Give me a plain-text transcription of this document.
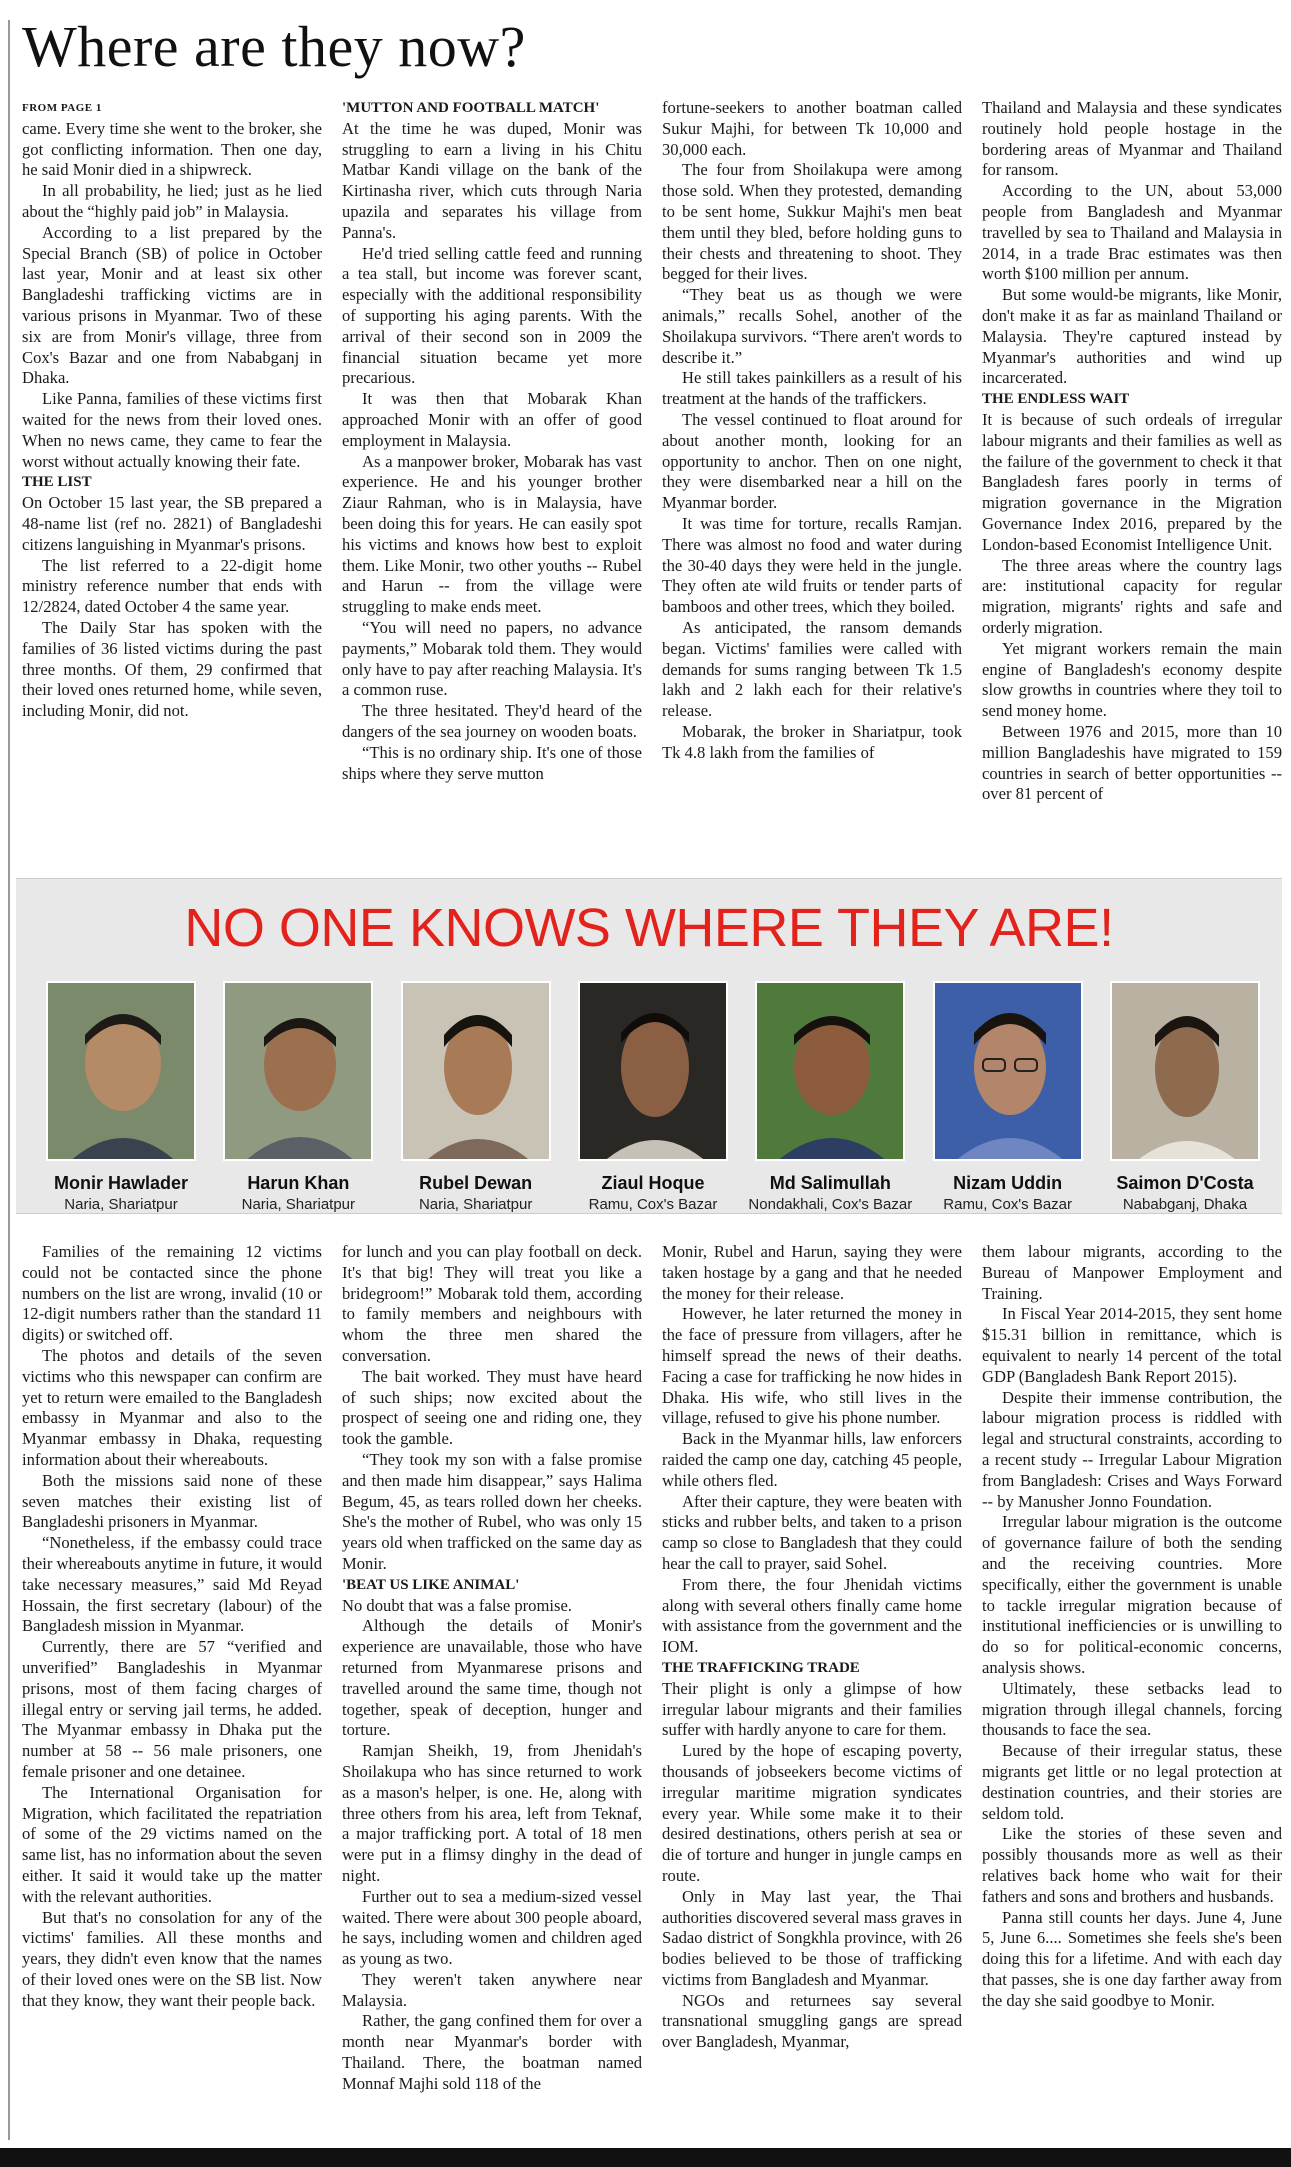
Where are they now?

FROM PAGE 1

came. Every time she went to the broker, she got conflicting information. Then one day, he said Monir died in a shipwreck.

In all probability, he lied; just as he lied about the “highly paid job” in Malaysia.

According to a list prepared by the Special Branch (SB) of police in October last year, Monir and at least six other Bangladeshi trafficking victims are in various prisons in Myanmar. Two of these six are from Monir's village, three from Cox's Bazar and one from Nababganj in Dhaka.

Like Panna, families of these victims first waited for the news from their loved ones. When no news came, they came to fear the worst without actually knowing their fate.

THE LIST

On October 15 last year, the SB prepared a 48-name list (ref no. 2821) of Bangladeshi citizens languishing in Myanmar's prisons.

The list referred to a 22-digit home ministry reference number that ends with 12/2824, dated October 4 the same year.

The Daily Star has spoken with the families of 36 listed victims during the past three months. Of them, 29 confirmed that their loved ones returned home, while seven, including Monir, did not.

'MUTTON AND FOOTBALL MATCH'

At the time he was duped, Monir was struggling to earn a living in his Chitu Matbar Kandi village on the bank of the Kirtinasha river, which cuts through Naria upazila and separates his village from Panna's.

He'd tried selling cattle feed and running a tea stall, but income was forever scant, especially with the additional responsibility of supporting his aging parents. With the arrival of their second son in 2009 the financial situation became yet more precarious.

It was then that Mobarak Khan approached Monir with an offer of good employment in Malaysia.

As a manpower broker, Mobarak has vast experience. He and his younger brother Ziaur Rahman, who is in Malaysia, have been doing this for years. He can easily spot his victims and knows how best to exploit them. Like Monir, two other youths -- Rubel and Harun -- from the village were struggling to make ends meet.

“You will need no papers, no advance payments,” Mobarak told them. They would only have to pay after reaching Malaysia. It's a common ruse.

The three hesitated. They'd heard of the dangers of the sea journey on wooden boats.

“This is no ordinary ship. It's one of those ships where they serve mutton

fortune-seekers to another boatman called Sukur Majhi, for between Tk 10,000 and 30,000 each.

The four from Shoilakupa were among those sold. When they protested, demanding to be sent home, Sukkur Majhi's men beat them until they bled, before holding guns to their chests and threatening to shoot. They begged for their lives.

“They beat us as though we were animals,” recalls Sohel, another of the Shoilakupa survivors. “There aren't words to describe it.”

He still takes painkillers as a result of his treatment at the hands of the traffickers.

The vessel continued to float around for about another month, looking for an opportunity to anchor. Then on one night, they were disembarked near a hill on the Myanmar border.

It was time for torture, recalls Ramjan. There was almost no food and water during the 30-40 days they were held in the jungle. They often ate wild fruits or tender parts of bamboos and other trees, which they boiled.

As anticipated, the ransom demands began. Victims' families were called with demands for sums ranging between Tk 1.5 lakh and 2 lakh each for their relative's release.

Mobarak, the broker in Shariatpur, took Tk 4.8 lakh from the families of

Thailand and Malaysia and these syndicates routinely hold people hostage in the bordering areas of Myanmar and Thailand for ransom.

According to the UN, about 53,000 people from Bangladesh and Myanmar travelled by sea to Thailand and Malaysia in 2014, in a trade Brac estimates was then worth $100 million per annum.

But some would-be migrants, like Monir, don't make it as far as mainland Thailand or Malaysia. They're captured instead by Myanmar's authorities and wind up incarcerated.

THE ENDLESS WAIT

It is because of such ordeals of irregular labour migrants and their families as well as the failure of the government to check it that Bangladesh fares poorly in terms of migration governance in the Migration Governance Index 2016, prepared by the London-based Economist Intelligence Unit.

The three areas where the country lags are: institutional capacity for regular migration, migrants' rights and safe and orderly migration.

Yet migrant workers remain the main engine of Bangladesh's economy despite slow growths in countries where they toil to send money home.

Between 1976 and 2015, more than 10 million Bangladeshis have migrated to 159 countries in search of better opportunities -- over 81 percent of

NO ONE KNOWS WHERE THEY ARE!
Monir Hawlader
Naria, Shariatpur
Harun Khan
Naria, Shariatpur
Rubel Dewan
Naria, Shariatpur
Ziaul Hoque
Ramu, Cox's Bazar
Md Salimullah
Nondakhali, Cox's Bazar
Nizam Uddin
Ramu, Cox's Bazar
Saimon D'Costa
Nababganj, Dhaka

Families of the remaining 12 victims could not be contacted since the phone numbers on the list are wrong, invalid (10 or 12-digit numbers rather than the standard 11 digits) or switched off.

The photos and details of the seven victims who this newspaper can confirm are yet to return were emailed to the Bangladesh embassy in Myanmar and also to the Myanmar embassy in Dhaka, requesting information about their whereabouts.

Both the missions said none of these seven matches their existing list of Bangladeshi prisoners in Myanmar.

“Nonetheless, if the embassy could trace their whereabouts anytime in future, it would take necessary measures,” said Md Reyad Hossain, the first secretary (labour) of the Bangladesh mission in Myanmar.

Currently, there are 57 “verified and unverified” Bangladeshis in Myanmar prisons, most of them facing charges of illegal entry or serving jail terms, he added. The Myanmar embassy in Dhaka put the number at 58 -- 56 male prisoners, one female prisoner and one detainee.

The International Organisation for Migration, which facilitated the repatriation of some of the 29 victims named on the same list, has no information about the seven either. It said it would take up the matter with the relevant authorities.

But that's no consolation for any of the victims' families. All these months and years, they didn't even know that the names of their loved ones were on the SB list. Now that they know, they want their people back.

for lunch and you can play football on deck. It's that big! They will treat you like a bridegroom!” Mobarak told them, according to family members and neighbours with whom the three men shared the conversation.

The bait worked. They must have heard of such ships; now excited about the prospect of seeing one and riding one, they took the gamble.

“They took my son with a false promise and then made him disappear,” says Halima Begum, 45, as tears rolled down her cheeks. She's the mother of Rubel, who was only 15 years old when trafficked on the same day as Monir.

'BEAT US LIKE ANIMAL'

No doubt that was a false promise.

Although the details of Monir's experience are unavailable, those who have returned from Myanmarese prisons and travelled around the same time, though not together, speak of deception, hunger and torture.

Ramjan Sheikh, 19, from Jhenidah's Shoilakupa who has since returned to work as a mason's helper, is one. He, along with three others from his area, left from Teknaf, a major trafficking port. A total of 18 men were put in a flimsy dinghy in the dead of night.

Further out to sea a medium-sized vessel waited. There were about 300 people aboard, he says, including women and children aged as young as two.

They weren't taken anywhere near Malaysia.

Rather, the gang confined them for over a month near Myanmar's border with Thailand. There, the boatman named Monnaf Majhi sold 118 of the

Monir, Rubel and Harun, saying they were taken hostage by a gang and that he needed the money for their release.

However, he later returned the money in the face of pressure from villagers, after he himself spread the news of their deaths. Facing a case for trafficking he now hides in Dhaka. His wife, who still lives in the village, refused to give his phone number.

Back in the Myanmar hills, law enforcers raided the camp one day, catching 45 people, while others fled.

After their capture, they were beaten with sticks and rubber belts, and taken to a prison camp so close to Bangladesh that they could hear the call to prayer, said Sohel.

From there, the four Jhenidah victims along with several others finally came home with assistance from the government and the IOM.

THE TRAFFICKING TRADE

Their plight is only a glimpse of how irregular labour migrants and their families suffer with hardly anyone to care for them.

Lured by the hope of escaping poverty, thousands of jobseekers become victims of irregular maritime migration syndicates every year. While some make it to their desired destinations, others perish at sea or die of torture and hunger in jungle camps en route.

Only in May last year, the Thai authorities discovered several mass graves in Sadao district of Songkhla province, with 26 bodies believed to be those of trafficking victims from Bangladesh and Myanmar.

NGOs and returnees say several transnational smuggling gangs are spread over Bangladesh, Myanmar,

them labour migrants, according to the Bureau of Manpower Employment and Training.

In Fiscal Year 2014-2015, they sent home $15.31 billion in remittance, which is equivalent to nearly 14 percent of the total GDP (Bangladesh Bank Report 2015).

Despite their immense contribution, the labour migration process is riddled with legal and structural constraints, according to a recent study -- Irregular Labour Migration from Bangladesh: Crises and Ways Forward -- by Manusher Jonno Foundation.

Irregular labour migration is the outcome of governance failure of both the sending and the receiving countries. More specifically, either the government is unable to tackle irregular migration because of institutional inefficiencies or is unwilling to do so for political-economic concerns, analysis shows.

Ultimately, these setbacks lead to migration through illegal channels, forcing thousands to face the sea.

Because of their irregular status, these migrants get little or no legal protection at destination countries, and their stories are seldom told.

Like the stories of these seven and possibly thousands more as well as their relatives back home who wait for their fathers and sons and brothers and husbands.

Panna still counts her days. June 4, June 5, June 6.... Sometimes she feels she's been doing this for a lifetime. And with each day that passes, she is one day farther away from the day she said goodbye to Monir.
